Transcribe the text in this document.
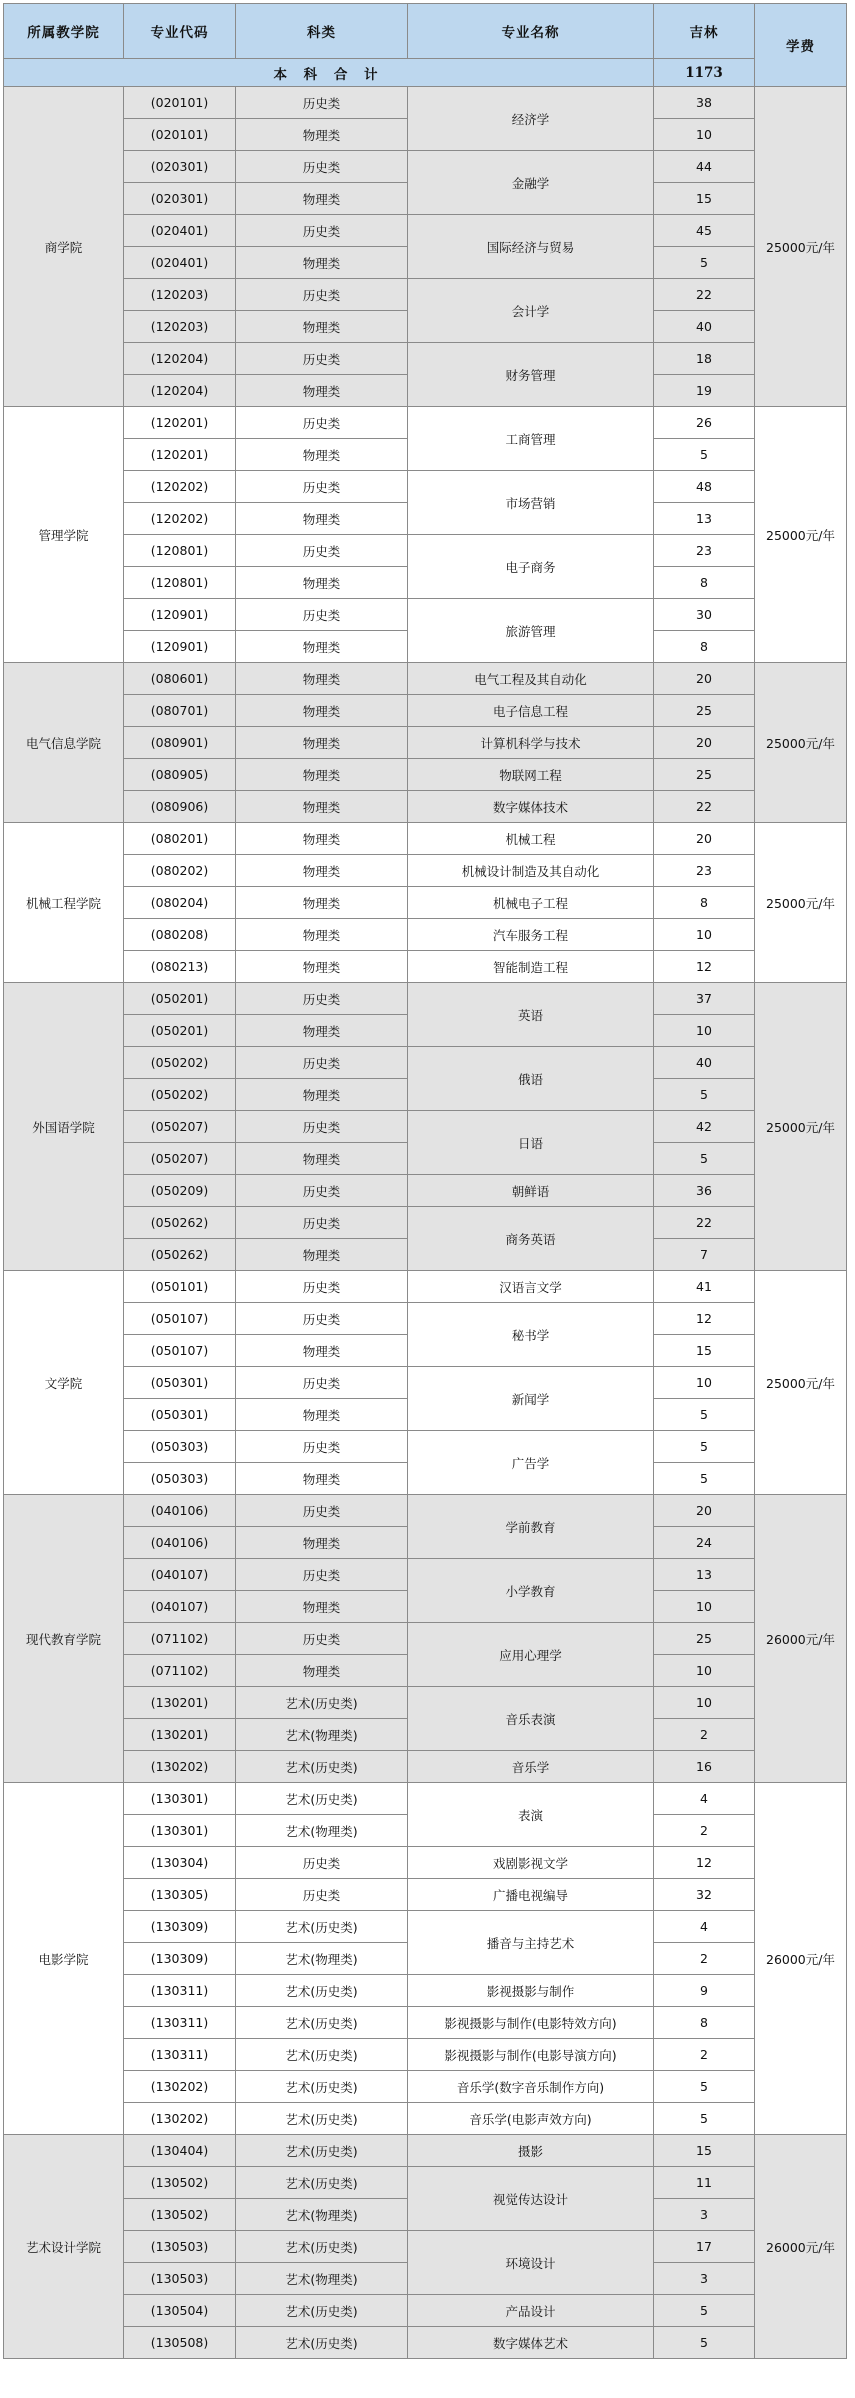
所属教学院	专业代码	科类	专业名称	吉林	学费
本 科 合 计				1173	
商学院	(020101)	历史类	经济学	38	25000元/年
	(020101)	物理类		10	
	(020301)	历史类	金融学	44	
	(020301)	物理类		15	
	(020401)	历史类	国际经济与贸易	45	
	(020401)	物理类		5	
	(120203)	历史类	会计学	22	
	(120203)	物理类		40	
	(120204)	历史类	财务管理	18	
	(120204)	物理类		19	
管理学院	(120201)	历史类	工商管理	26	25000元/年
	(120201)	物理类		5	
	(120202)	历史类	市场营销	48	
	(120202)	物理类		13	
	(120801)	历史类	电子商务	23	
	(120801)	物理类		8	
	(120901)	历史类	旅游管理	30	
	(120901)	物理类		8	
电气信息学院	(080601)	物理类	电气工程及其自动化	20	25000元/年
	(080701)	物理类	电子信息工程	25	
	(080901)	物理类	计算机科学与技术	20	
	(080905)	物理类	物联网工程	25	
	(080906)	物理类	数字媒体技术	22	
机械工程学院	(080201)	物理类	机械工程	20	25000元/年
	(080202)	物理类	机械设计制造及其自动化	23	
	(080204)	物理类	机械电子工程	8	
	(080208)	物理类	汽车服务工程	10	
	(080213)	物理类	智能制造工程	12	
外国语学院	(050201)	历史类	英语	37	25000元/年
	(050201)	物理类		10	
	(050202)	历史类	俄语	40	
	(050202)	物理类		5	
	(050207)	历史类	日语	42	
	(050207)	物理类		5	
	(050209)	历史类	朝鲜语	36	
	(050262)	历史类	商务英语	22	
	(050262)	物理类		7	
文学院	(050101)	历史类	汉语言文学	41	25000元/年
	(050107)	历史类	秘书学	12	
	(050107)	物理类		15	
	(050301)	历史类	新闻学	10	
	(050301)	物理类		5	
	(050303)	历史类	广告学	5	
	(050303)	物理类		5	
现代教育学院	(040106)	历史类	学前教育	20	26000元/年
	(040106)	物理类		24	
	(040107)	历史类	小学教育	13	
	(040107)	物理类		10	
	(071102)	历史类	应用心理学	25	
	(071102)	物理类		10	
	(130201)	艺术(历史类)	音乐表演	10	
	(130201)	艺术(物理类)		2	
	(130202)	艺术(历史类)	音乐学	16	
电影学院	(130301)	艺术(历史类)	表演	4	26000元/年
	(130301)	艺术(物理类)		2	
	(130304)	历史类	戏剧影视文学	12	
	(130305)	历史类	广播电视编导	32	
	(130309)	艺术(历史类)	播音与主持艺术	4	
	(130309)	艺术(物理类)		2	
	(130311)	艺术(历史类)	影视摄影与制作	9	
	(130311)	艺术(历史类)	影视摄影与制作(电影特效方向)	8	
	(130311)	艺术(历史类)	影视摄影与制作(电影导演方向)	2	
	(130202)	艺术(历史类)	音乐学(数字音乐制作方向)	5	
	(130202)	艺术(历史类)	音乐学(电影声效方向)	5	
艺术设计学院	(130404)	艺术(历史类)	摄影	15	26000元/年
	(130502)	艺术(历史类)	视觉传达设计	11	
	(130502)	艺术(物理类)		3	
	(130503)	艺术(历史类)	环境设计	17	
	(130503)	艺术(物理类)		3	
	(130504)	艺术(历史类)	产品设计	5	
	(130508)	艺术(历史类)	数字媒体艺术	5	
